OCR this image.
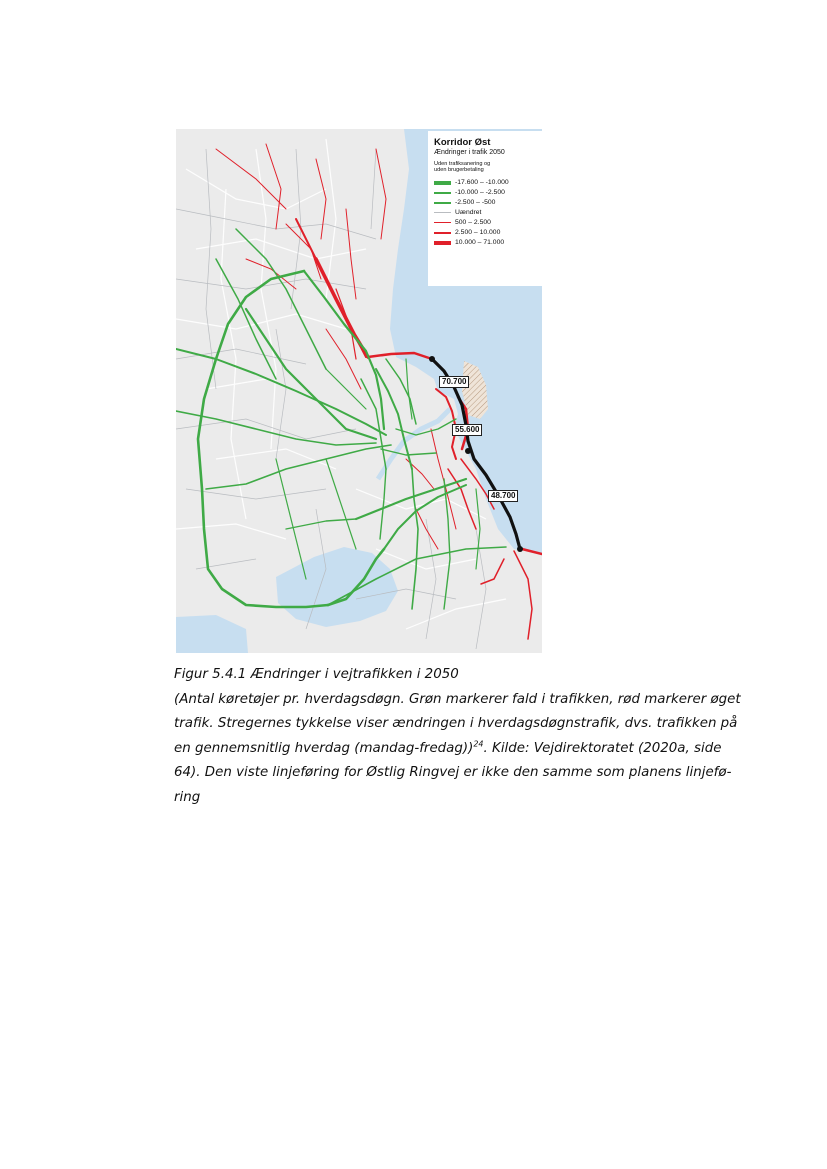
70.700
55.600
48.700
Korridor Øst
Ændringer i trafik 2050
Uden trafiksanering og
uden brugerbetaling
-17.600 – -10.000
-10.000 – -2.500
-2.500 – -500
Uændret
500 – 2.500
2.500 – 10.000
10.000 – 71.000
Figur 5.4.1 Ændringer i vejtrafikken i 2050
(Antal køretøjer pr. hverdagsdøgn. Grøn markerer fald i trafikken, rød markerer øget
trafik. Stregernes tykkelse viser ændringen i hverdagsdøgnstrafik, dvs. trafikken på
en gennemsnitlig hverdag (mandag-fredag))$^{24}$. Kilde: Vejdirektoratet (2020a, side
64). Den viste linjeføring for Østlig Ringvej er ikke den samme som planens linjefø-
ring
